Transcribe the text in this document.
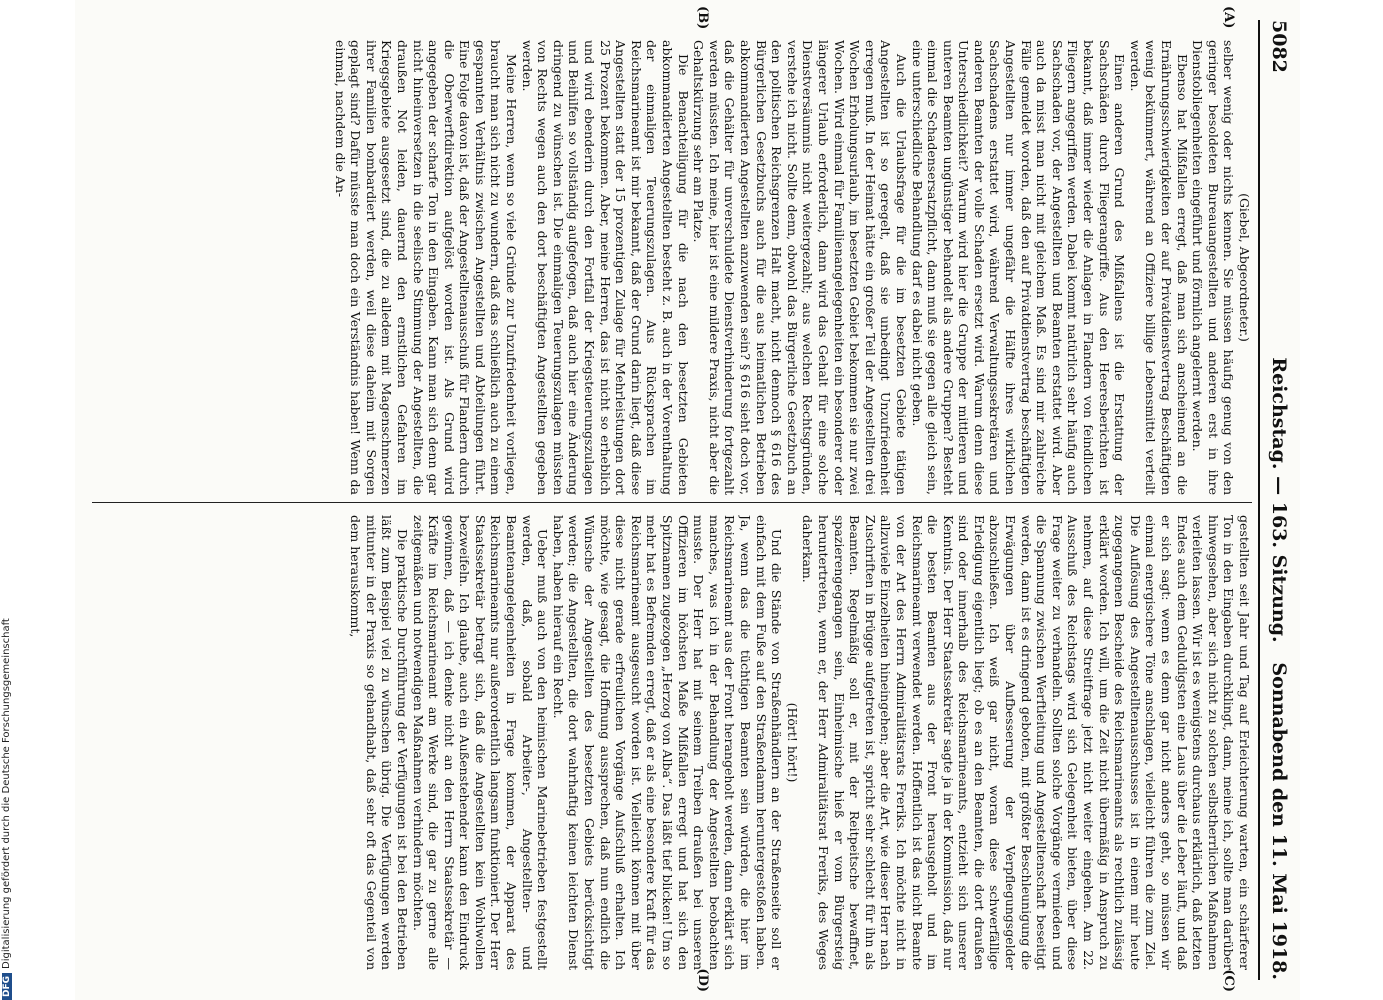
5082
Reichstag. — 163. Sitzung.
Sonnabend den 11. Mai 1918.
(A)
(B)
(C)
(D)

(Giebel, Abgeordneter.)

selber wenig oder nichts kennen. Sie müssen häufig genug von den geringer besoldeten Bureauangestellten und anderen erst in ihre Dienstobliegenheiten eingeführt und förmlich angelernt werden.

Ebenso hat Mißfallen erregt, daß man sich anscheinend an die Ernährungsschwierigkeiten der auf Privatdienstvertrag Beschäftigten wenig bekümmert, während an Offiziere billige Lebensmittel verteilt werden.

Einen anderen Grund des Mißfallens ist die Erstattung der Sachschäden durch Fliegerangriffe. Aus den Heeresberichten ist bekannt, daß immer wieder die Anlagen in Flandern von feindlichen Fliegern angegriffen werden. Dabei kommt natürlich sehr häufig auch Sachschaden vor, der Angestellten und Beamten erstattet wird. Aber auch da misst man nicht mit gleichem Maß. Es sind mir zahlreiche Fälle gemeldet worden, daß den auf Privatdienstvertrag beschäftigten Angestellten nur immer ungefähr die Hälfte ihres wirklichen Sachschadens erstattet wird, während Verwaltungssekretären und anderen Beamten der volle Schaden ersetzt wird. Warum denn diese Unterschiedlichkeit? Warum wird hier die Gruppe der mittleren und unteren Beamten ungünstiger behandelt als andere Gruppen? Besteht einmal die Schadensersatzpflicht, dann muß sie gegen alle gleich sein, eine unterschiedliche Behandlung darf es dabei nicht geben.

Auch die Urlaubsfrage für die im besetzten Gebiete tätigen Angestellten ist so geregelt, daß sie unbedingt Unzufriedenheit erregen muß. In der Heimat hätte ein großer Teil der Angestellten drei Wochen Erholungsurlaub, im besetzten Gebiet bekommen sie nur zwei Wochen. Wird einmal für Familienangelegenheiten ein besonderer oder längerer Urlaub erforderlich, dann wird das Gehalt für eine solche Dienstversäumnis nicht weitergezahlt; aus welchen Rechtsgründen, verstehe ich nicht. Sollte denn, obwohl das Bürgerliche Gesetzbuch an den politischen Reichsgrenzen Halt macht, nicht dennoch § 616 des Bürgerlichen Gesetzbuchs auch für die aus heimatlichen Betrieben abkommandierten Angestellten anzuwenden sein? § 616 sieht doch vor, daß die Gehälter für unverschuldete Dienstverhinderung fortgezahlt werden müssten. Ich meine, hier ist eine mildere Praxis, nicht aber die Gehaltskürzung sehr am Platze.

Die Benachteiligung für die nach den besetzten Gebieten abkommandierten Angestellten besteht z. B. auch in der Vorenthaltung der einmaligen Teuerungszulagen. Aus Rücksprachen im Reichsmarineamt ist mir bekannt, daß der Grund darin liegt, daß diese Angestellten statt der 15 prozentigen Zulage für Mehrleistungen dort 25 Prozent bekommen. Aber, meine Herren, das ist nicht so erheblich und wird ebenderin durch den Fortfall der Kriegsteuerungszulagen und Beihilfen so vollständig aufgefogen, daß auch hier eine Änderung dringend zu wünschen ist. Die einmaligen Teuerungszulagen müssten von Rechts wegen auch den dort beschäftigten Angestellten gegeben werden.

Meine Herren, wenn so viele Gründe zur Unzufriedenheit vorliegen, braucht man sich nicht zu wundern, daß das schließlich auch zu einem gespannten Verhältnis zwischen Angestellten und Abteilungen führt. Eine Folge davon ist, daß der Angestelltenausschuß für Flandern durch die Oberwerftdirektion aufgelöst worden ist. Als Grund wird angegeben der scharfe Ton in den Eingaben. Kann man sich denn gar nicht hineinversetzen in die seelische Stimmung der Angestellten, die draußen Not leiden, dauernd den ernstlichen Gefahren im Kriegsgebiete ausgesetzt sind, die zu alledem mit Magenschmerzen ihrer Familien bombardiert werden, weil diese daheim mit Sorgen geplagt sind? Dafür müsste man doch ein Verständnis haben! Wenn da einmal, nachdem die An-

gestellten seit Jahr und Tag auf Erleichterung warten, ein schärferer Ton in den Eingaben durchklingt, dann, meine ich, sollte man darüber hinwegsehen, aber sich nicht zu solchen selbstherrlichen Maßnahmen verleiten lassen. Wir ist es wenigstens durchaus erklärlich, daß letzten Endes auch dem Geduldigsten eine Laus über die Leber läuft, und daß er sich sagt: wenn es denn gar nicht anders geht, so müssen wir einmal energischere Töne anschlagen, vielleicht führen die zum Ziel. Die Auflösung des Angestelltenausschusses ist in einem mir heute zugegangenen Bescheide des Reichsmarineamts als rechtlich zulässig erklärt worden. Ich will, um die Zeit nicht übermäßig in Anspruch zu nehmen, auf diese Streitfrage jetzt nicht weiter eingehen. Am 22. Ausschuß des Reichstags wird sich Gelegenheit bieten, über diese Frage weiter zu verhandeln. Sollten solche Vorgänge vermieden und die Spannung zwischen Werftleitung und Angestelltenschaft beseitigt werden, dann ist es dringend geboten, mit größter Beschleunigung die Erwägungen über Aufbesserung der Verpflegungsgelder abzuschließen. Ich weiß gar nicht, woran diese schwerfällige Erledigung eigentlich liegt; ob es an den Beamten, die dort draußen sind oder innerhalb des Reichsmarineamts, entzieht sich unserer Kenntnis. Der Herr Staatssekretär sagte ja in der Kommission, daß nur die besten Beamten aus der Front herausgeholt und im Reichsmarineamt verwendet werden. Hoffentlich ist das nicht Beamte von der Art des Herrn Admiralitätsrats Freriks. Ich möchte nicht in allzuviele Einzelheiten hineingehen; aber die Art, wie dieser Herr nach Zuschriften in Brügge aufgetreten ist, spricht sehr schlecht für ihn als Beamten. Regelmäßig soll er, mit der Reitpeitsche bewaffnet, spazierengegangen sein, Einheimische hieß er vom Bürgersteig heruntertreten, wenn er, der Herr Admiralitätsrat Freriks, des Weges daherkam.

(Hört! hört!)

Und die Stände von Straßenhändlern an der Straßenseite soll er einfach mit dem Fuße auf den Straßendamm heruntergestoßen haben. Ja, wenn das die tüchtigen Beamten sein würden, die hier im Reichsmarineamt aus der Front herangeholt werden, dann erklärt sich manches, was ich in der Behandlung der Angestellten beobachten musste. Der Herr hat mit seinem Treiben draußen bei unseren Offizieren im höchsten Maße Mißfallen erregt und hat sich den Spitznamen zugezogen „Herzog von Alba“. Das läßt tief blicken! Um so mehr hat es Befremden erregt, daß er als eine besondere Kraft für das Reichsmarineamt ausgesucht worden ist. Vielleicht können mit über diese nicht gerade erfreulichen Vorgänge Aufschluß erhalten. Ich möchte, wie gesagt, die Hoffnung aussprechen, daß nun endlich die Wünsche der Angestellten des besetzten Gebiets berücksichtigt werden; die Angestellten, die dort wahrhaftig keinen leichten Dienst haben, haben hierauf ein Recht.

Ueber muß auch von den heimischen Marinebetrieben festgestellt werden, daß, sobald Arbeiter-, Angestellten- und Beamtenangelegenheiten in Frage kommen, der Apparat des Reichsmarineamts nur außerordentlich langsam funktioniert. Der Herr Staatssekretär betragt sich, daß die Angestellten kein Wohlwollen bezweifeln. Ich glaube, auch ein Außenstehender kann den Eindruck gewinnen, daß — ich denke nicht an den Herrn Staatssekretär — Kräfte im Reichsmarineamt am Werke sind, die gar zu gerne alle zeitgemäßen und notwendigen Maßnahmen verhindern möchten.

Die praktische Durchführung der Verfügungen ist bei den Betrieben läßt zum Beispiel viel zu wünschen übrig. Die Verfügungen werden mitunter in der Praxis so gehandhabt, daß sehr oft das Gegenteil von dem herauskommt,

DFGDigitalisierung gefördert durch die Deutsche Forschungsgemeinschaft
